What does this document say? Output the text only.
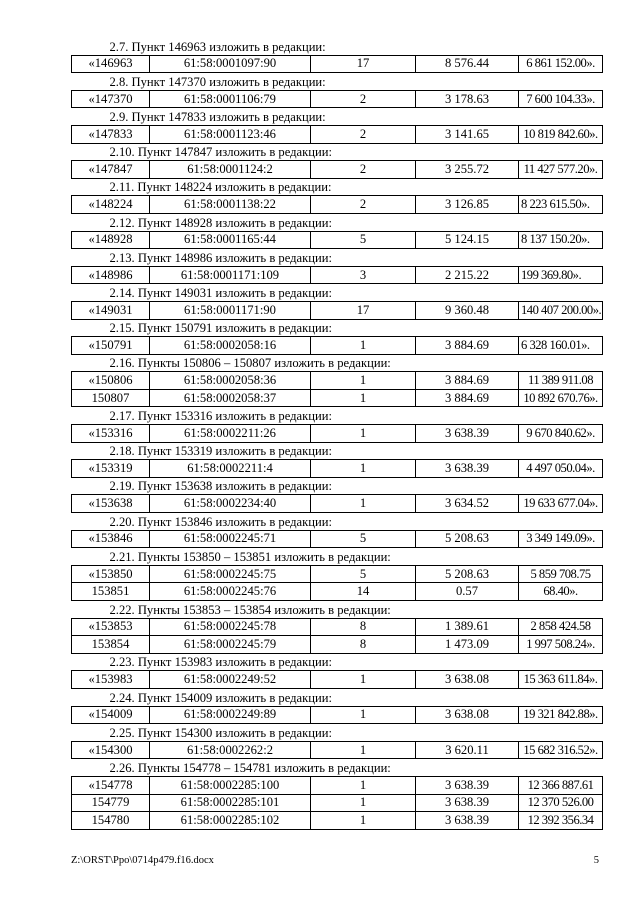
2.7. Пункт 146963 изложить в редакции:				
«146963	61:58:0001097:90	17	8 576.44	6 861 152.00».
2.8. Пункт 147370 изложить в редакции:				
«147370	61:58:0001106:79	2	3 178.63	7 600 104.33».
2.9. Пункт 147833 изложить в редакции:				
«147833	61:58:0001123:46	2	3 141.65	10 819 842.60».
2.10. Пункт 147847 изложить в редакции:				
«147847	61:58:0001124:2	2	3 255.72	11 427 577.20».
2.11. Пункт 148224 изложить в редакции:				
«148224	61:58:0001138:22	2	3 126.85	8 223 615.50».
2.12. Пункт 148928 изложить в редакции:				
«148928	61:58:0001165:44	5	5 124.15	8 137 150.20».
2.13. Пункт 148986 изложить в редакции:				
«148986	61:58:0001171:109	3	2 215.22	199 369.80».
2.14. Пункт 149031 изложить в редакции:				
«149031	61:58:0001171:90	17	9 360.48	140 407 200.00».
2.15. Пункт 150791 изложить в редакции:				
«150791	61:58:0002058:16	1	3 884.69	6 328 160.01».
2.16. Пункты 150806 – 150807 изложить в редакции:				
«150806	61:58:0002058:36	1	3 884.69	11 389 911.08
150807	61:58:0002058:37	1	3 884.69	10 892 670.76».
2.17. Пункт 153316 изложить в редакции:				
«153316	61:58:0002211:26	1	3 638.39	9 670 840.62».
2.18. Пункт 153319 изложить в редакции:				
«153319	61:58:0002211:4	1	3 638.39	4 497 050.04».
2.19. Пункт 153638 изложить в редакции:				
«153638	61:58:0002234:40	1	3 634.52	19 633 677.04».
2.20. Пункт 153846 изложить в редакции:				
«153846	61:58:0002245:71	5	5 208.63	3 349 149.09».
2.21. Пункты 153850 – 153851 изложить в редакции:				
«153850	61:58:0002245:75	5	5 208.63	5 859 708.75
153851	61:58:0002245:76	14	0.57	68.40».
2.22. Пункты 153853 – 153854 изложить в редакции:				
«153853	61:58:0002245:78	8	1 389.61	2 858 424.58
153854	61:58:0002245:79	8	1 473.09	1 997 508.24».
2.23. Пункт 153983 изложить в редакции:				
«153983	61:58:0002249:52	1	3 638.08	15 363 611.84».
2.24. Пункт 154009 изложить в редакции:				
«154009	61:58:0002249:89	1	3 638.08	19 321 842.88».
2.25. Пункт 154300 изложить в редакции:				
«154300	61:58:0002262:2	1	3 620.11	15 682 316.52».
2.26. Пункты 154778 – 154781 изложить в редакции:				
«154778	61:58:0002285:100	1	3 638.39	12 366 887.61
154779	61:58:0002285:101	1	3 638.39	12 370 526.00
154780	61:58:0002285:102	1	3 638.39	12 392 356.34
Z:\ORST\Ppo\0714p479.f16.docx	5
